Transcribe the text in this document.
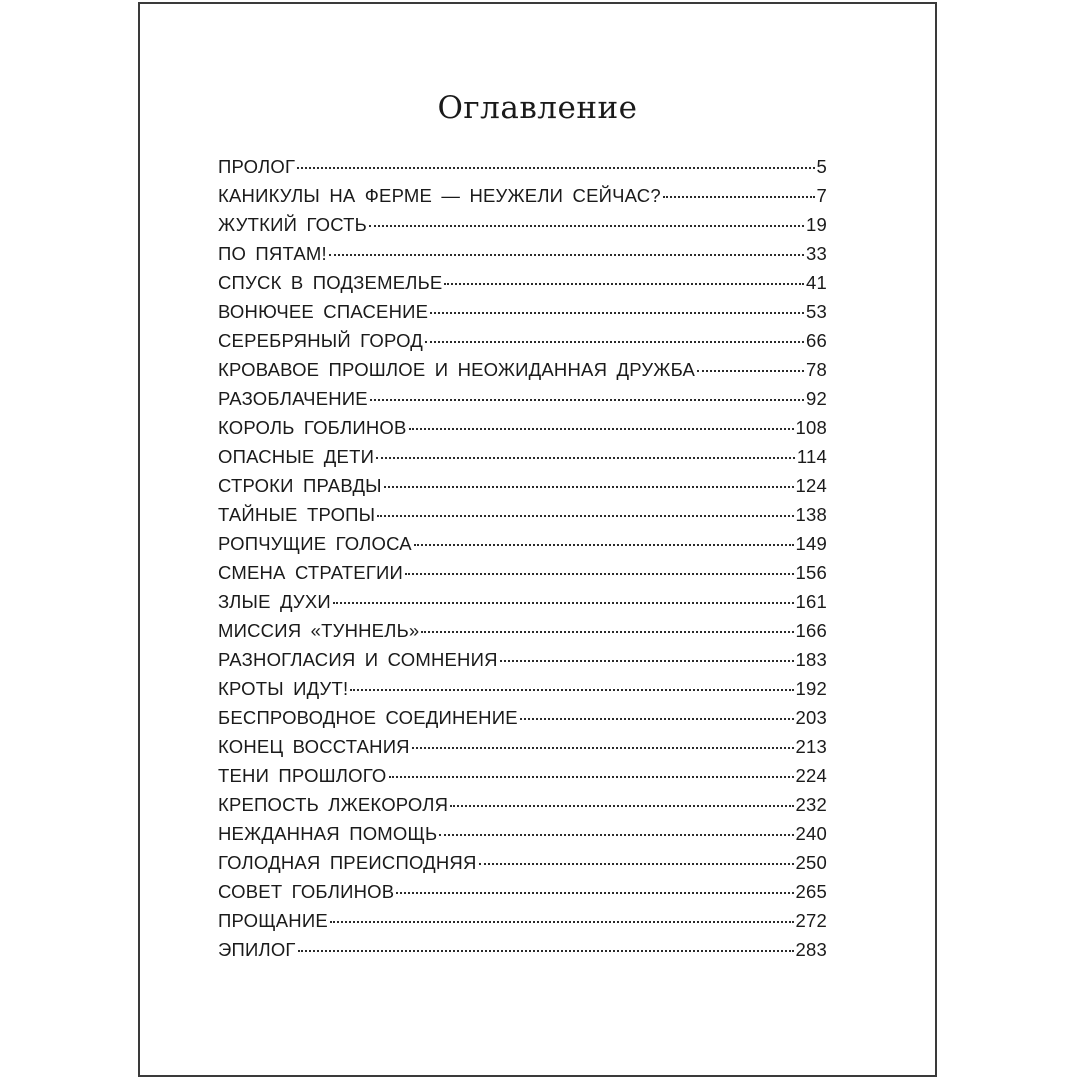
Оглавление
ПРОЛОГ	5
КАНИКУЛЫ НА ФЕРМЕ — НЕУЖЕЛИ СЕЙЧАС?	7
ЖУТКИЙ ГОСТЬ	19
ПО ПЯТАМ!	33
СПУСК В ПОДЗЕМЕЛЬЕ	41
ВОНЮЧЕЕ СПАСЕНИЕ	53
СЕРЕБРЯНЫЙ ГОРОД	66
КРОВАВОЕ ПРОШЛОЕ И НЕОЖИДАННАЯ ДРУЖБА	78
РАЗОБЛАЧЕНИЕ	92
КОРОЛЬ ГОБЛИНОВ	108
ОПАСНЫЕ ДЕТИ	114
СТРОКИ ПРАВДЫ	124
ТАЙНЫЕ ТРОПЫ	138
РОПЧУЩИЕ ГОЛОСА	149
СМЕНА СТРАТЕГИИ	156
ЗЛЫЕ ДУХИ	161
МИССИЯ «ТУННЕЛЬ»	166
РАЗНОГЛАСИЯ И СОМНЕНИЯ	183
КРОТЫ ИДУТ!	192
БЕСПРОВОДНОЕ СОЕДИНЕНИЕ	203
КОНЕЦ ВОССТАНИЯ	213
ТЕНИ ПРОШЛОГО	224
КРЕПОСТЬ ЛЖЕКОРОЛЯ	232
НЕЖДАННАЯ ПОМОЩЬ	240
ГОЛОДНАЯ ПРЕИСПОДНЯЯ	250
СОВЕТ ГОБЛИНОВ	265
ПРОЩАНИЕ	272
ЭПИЛОГ	283
